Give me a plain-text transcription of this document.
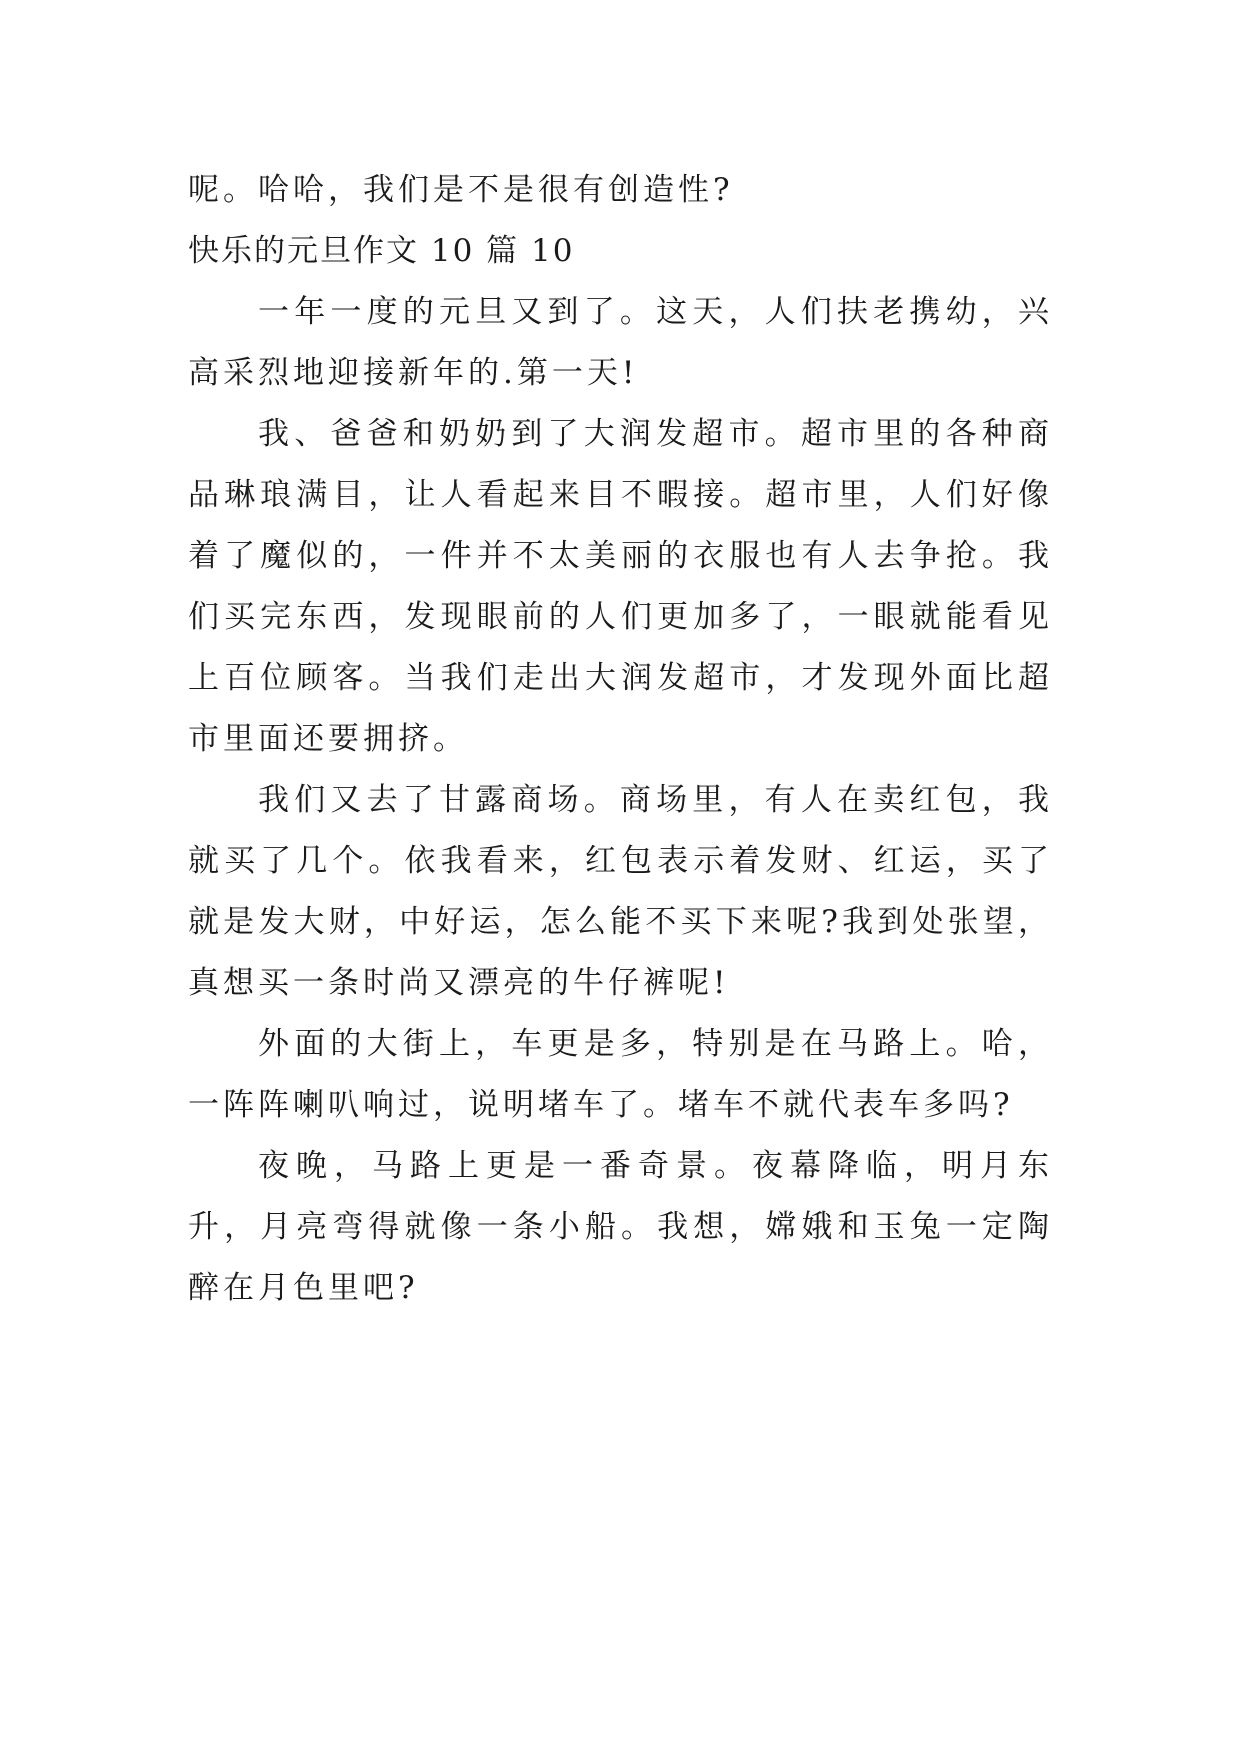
呢。哈哈，我们是不是很有创造性?

快乐的元旦作文 10 篇 10

一年一度的元旦又到了。这天，人们扶老携幼，兴高采烈地迎接新年的.第一天!

我、爸爸和奶奶到了大润发超市。超市里的各种商品琳琅满目，让人看起来目不暇接。超市里，人们好像着了魔似的，一件并不太美丽的衣服也有人去争抢。我们买完东西，发现眼前的人们更加多了，一眼就能看见上百位顾客。当我们走出大润发超市，才发现外面比超市里面还要拥挤。

我们又去了甘露商场。商场里，有人在卖红包，我就买了几个。依我看来，红包表示着发财、红运，买了就是发大财，中好运，怎么能不买下来呢?我到处张望，真想买一条时尚又漂亮的牛仔裤呢!

外面的大街上，车更是多，特别是在马路上。哈，一阵阵喇叭响过，说明堵车了。堵车不就代表车多吗?

夜晚，马路上更是一番奇景。夜幕降临，明月东升，月亮弯得就像一条小船。我想，嫦娥和玉兔一定陶醉在月色里吧?
